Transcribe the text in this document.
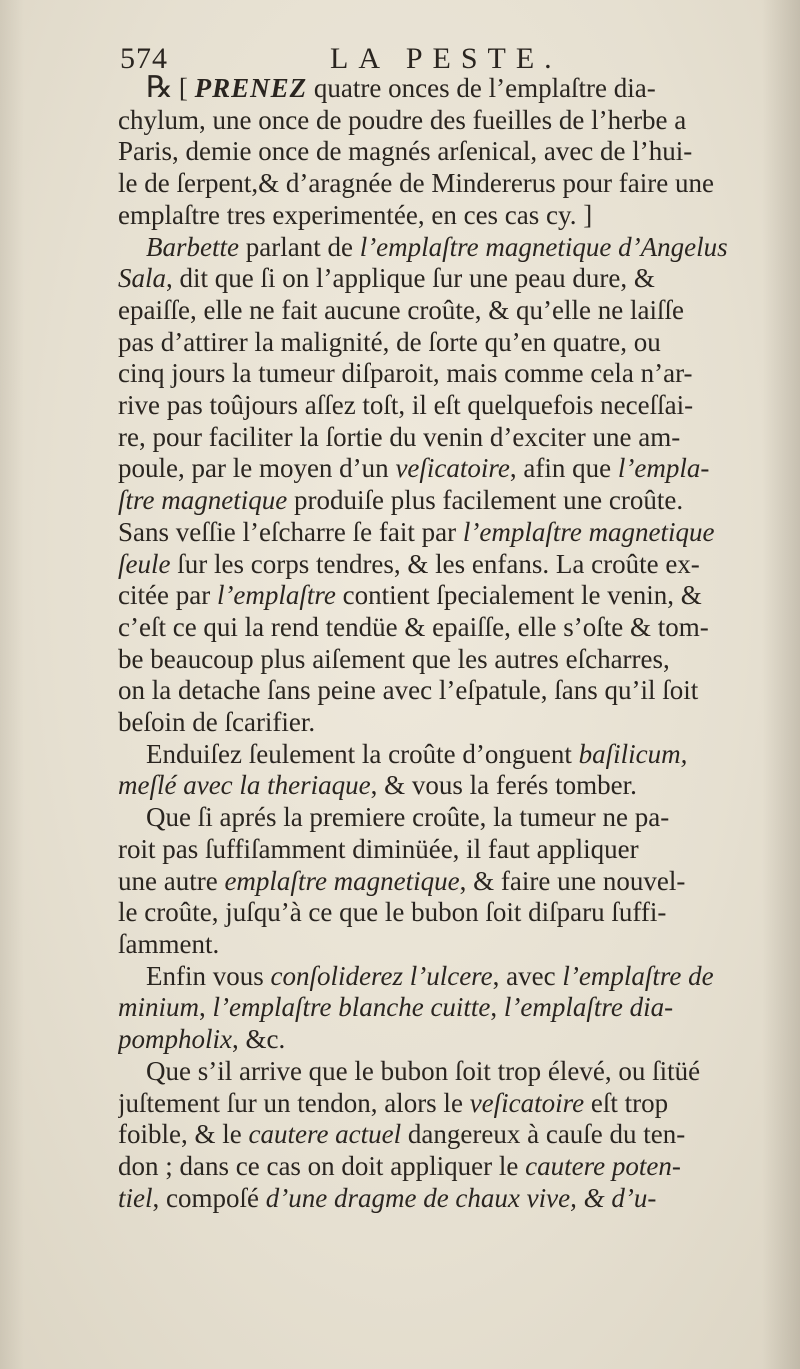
574	LA PESTE.
℞ [ PRENEZ quatre onces de l’emplaſtre dia-
chylum, une once de poudre des fueilles de l’herbe a
Paris, demie once de magnés arſenical, avec de l’hui-
le de ſerpent,& d’aragnée de Mindererus pour faire une
emplaſtre tres experimentée, en ces cas cy. ]
Barbette parlant de l’emplaſtre magnetique d’Angelus
Sala, dit que ſi on l’applique ſur une peau dure, &
epaiſſe, elle ne fait aucune croûte, & qu’elle ne laiſſe
pas d’attirer la malignité, de ſorte qu’en quatre, ou
cinq jours la tumeur diſparoit, mais comme cela n’ar-
rive pas toûjours aſſez toſt, il eſt quelquefois neceſſai-
re, pour faciliter la ſortie du venin d’exciter une am-
poule, par le moyen d’un veſicatoire, afin que l’empla-
ſtre magnetique produiſe plus facilement une croûte.
Sans veſſie l’eſcharre ſe fait par l’emplaſtre magnetique
ſeule ſur les corps tendres, & les enfans. La croûte ex-
citée par l’emplaſtre contient ſpecialement le venin, &
c’eſt ce qui la rend tendüe & epaiſſe, elle s’oſte & tom-
be beaucoup plus aiſement que les autres eſcharres,
on la detache ſans peine avec l’eſpatule, ſans qu’il ſoit
beſoin de ſcarifier.
Enduiſez ſeulement la croûte d’onguent baſilicum,
meſlé avec la theriaque, & vous la ferés tomber.
Que ſi aprés la premiere croûte, la tumeur ne pa-
roit pas ſuffiſamment diminüée, il faut appliquer
une autre emplaſtre magnetique, & faire une nouvel-
le croûte, juſqu’à ce que le bubon ſoit diſparu ſuffi-
ſamment.
Enfin vous conſoliderez l’ulcere, avec l’emplaſtre de
minium, l’emplaſtre blanche cuitte, l’emplaſtre dia-
pompholix, &c.
Que s’il arrive que le bubon ſoit trop élevé, ou ſitüé
juſtement ſur un tendon, alors le veſicatoire eſt trop
foible, & le cautere actuel dangereux à cauſe du ten-
don ; dans ce cas on doit appliquer le cautere poten-
tiel, compoſé d’une dragme de chaux vive, & d’u-
